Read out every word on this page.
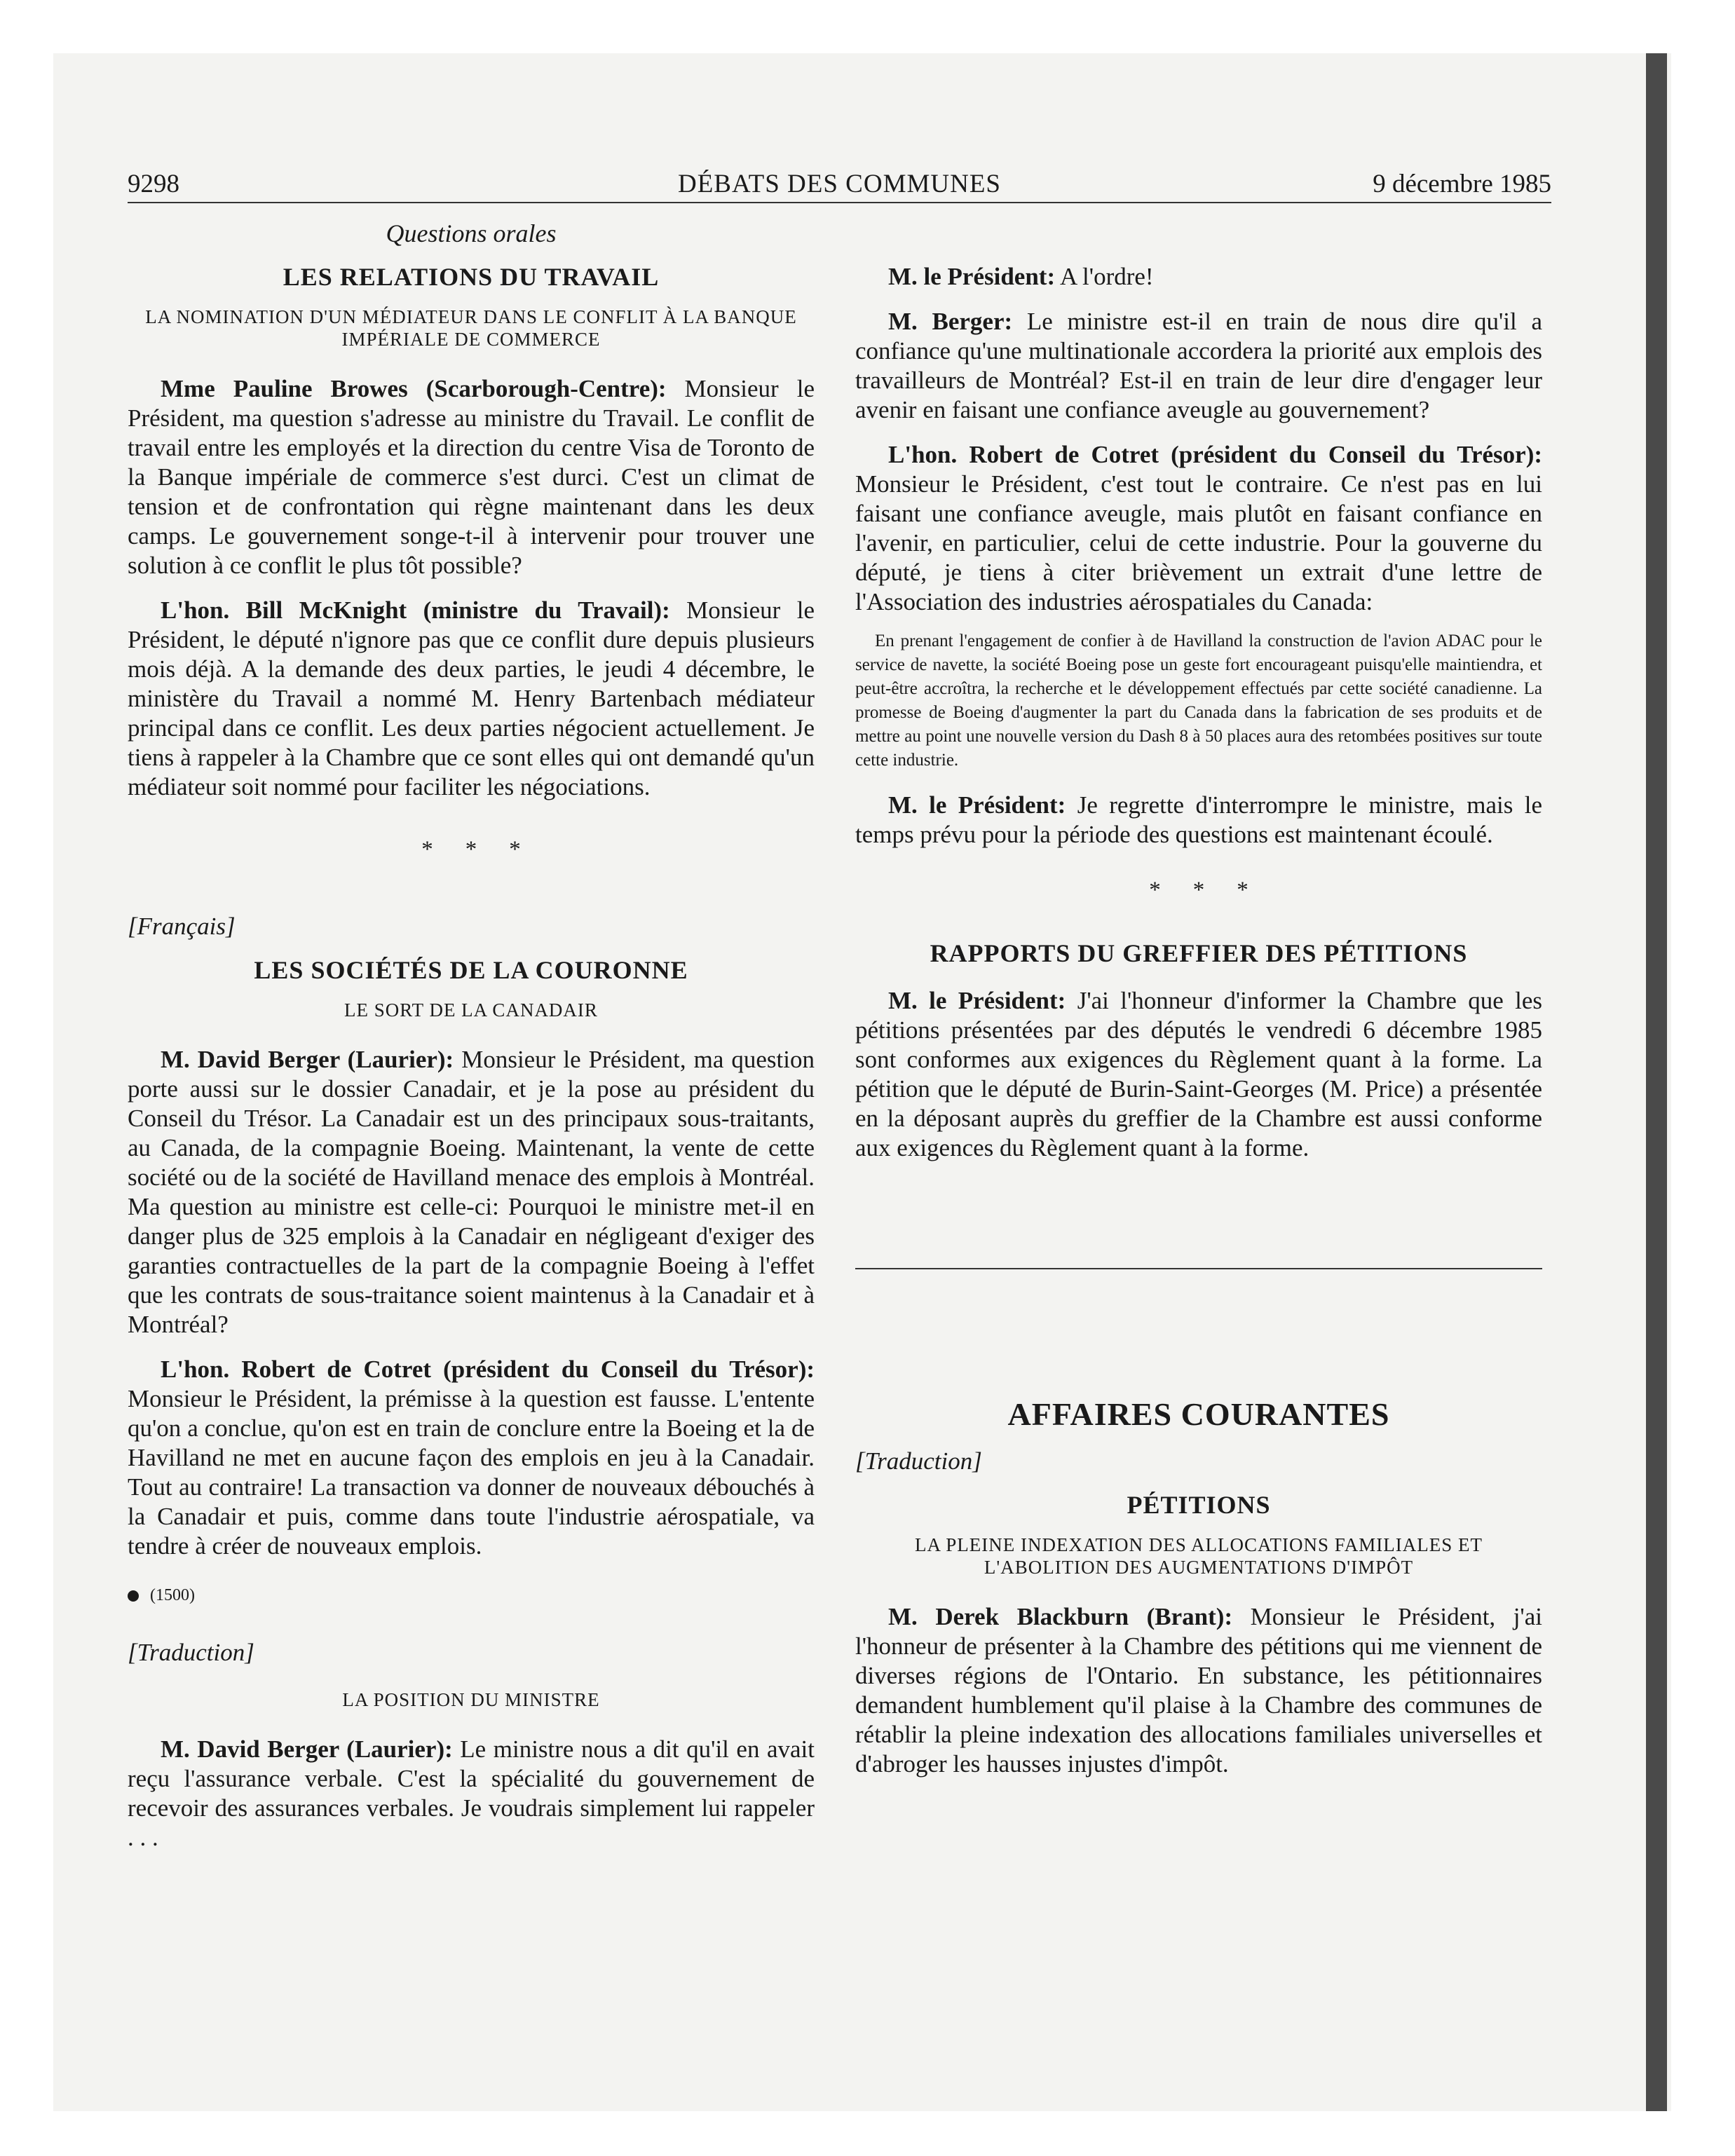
9298	DÉBATS DES COMMUNES	9 décembre 1985

Questions orales

LES RELATIONS DU TRAVAIL
LA NOMINATION D'UN MÉDIATEUR DANS LE CONFLIT À LA BANQUE IMPÉRIALE DE COMMERCE

Mme Pauline Browes (Scarborough-Centre): Monsieur le Président, ma question s'adresse au ministre du Travail. Le conflit de travail entre les employés et la direction du centre Visa de Toronto de la Banque impériale de commerce s'est durci. C'est un climat de tension et de confrontation qui règne maintenant dans les deux camps. Le gouvernement songe-t-il à intervenir pour trouver une solution à ce conflit le plus tôt possible?

L'hon. Bill McKnight (ministre du Travail): Monsieur le Président, le député n'ignore pas que ce conflit dure depuis plusieurs mois déjà. A la demande des deux parties, le jeudi 4 décembre, le ministère du Travail a nommé M. Henry Bartenbach médiateur principal dans ce conflit. Les deux parties négocient actuellement. Je tiens à rappeler à la Chambre que ce sont elles qui ont demandé qu'un médiateur soit nommé pour faciliter les négociations.

***

[Français]

LES SOCIÉTÉS DE LA COURONNE
LE SORT DE LA CANADAIR

M. David Berger (Laurier): Monsieur le Président, ma question porte aussi sur le dossier Canadair, et je la pose au président du Conseil du Trésor. La Canadair est un des principaux sous-traitants, au Canada, de la compagnie Boeing. Maintenant, la vente de cette société ou de la société de Havilland menace des emplois à Montréal. Ma question au ministre est celle-ci: Pourquoi le ministre met-il en danger plus de 325 emplois à la Canadair en négligeant d'exiger des garanties contractuelles de la part de la compagnie Boeing à l'effet que les contrats de sous-traitance soient maintenus à la Canadair et à Montréal?

L'hon. Robert de Cotret (président du Conseil du Trésor): Monsieur le Président, la prémisse à la question est fausse. L'entente qu'on a conclue, qu'on est en train de conclure entre la Boeing et la de Havilland ne met en aucune façon des emplois en jeu à la Canadair. Tout au contraire! La transaction va donner de nouveaux débouchés à la Canadair et puis, comme dans toute l'industrie aérospatiale, va tendre à créer de nouveaux emplois.

(1500)

[Traduction]

LA POSITION DU MINISTRE

M. David Berger (Laurier): Le ministre nous a dit qu'il en avait reçu l'assurance verbale. C'est la spécialité du gouvernement de recevoir des assurances verbales. Je voudrais simplement lui rappeler . . .

M. le Président: A l'ordre!

M. Berger: Le ministre est-il en train de nous dire qu'il a confiance qu'une multinationale accordera la priorité aux emplois des travailleurs de Montréal? Est-il en train de leur dire d'engager leur avenir en faisant une confiance aveugle au gouvernement?

L'hon. Robert de Cotret (président du Conseil du Trésor): Monsieur le Président, c'est tout le contraire. Ce n'est pas en lui faisant une confiance aveugle, mais plutôt en faisant confiance en l'avenir, en particulier, celui de cette industrie. Pour la gouverne du député, je tiens à citer brièvement un extrait d'une lettre de l'Association des industries aérospatiales du Canada:

En prenant l'engagement de confier à de Havilland la construction de l'avion ADAC pour le service de navette, la société Boeing pose un geste fort encourageant puisqu'elle maintiendra, et peut-être accroîtra, la recherche et le développement effectués par cette société canadienne. La promesse de Boeing d'augmenter la part du Canada dans la fabrication de ses produits et de mettre au point une nouvelle version du Dash 8 à 50 places aura des retombées positives sur toute cette industrie.

M. le Président: Je regrette d'interrompre le ministre, mais le temps prévu pour la période des questions est maintenant écoulé.

***
RAPPORTS DU GREFFIER DES PÉTITIONS

M. le Président: J'ai l'honneur d'informer la Chambre que les pétitions présentées par des députés le vendredi 6 décembre 1985 sont conformes aux exigences du Règlement quant à la forme. La pétition que le député de Burin-Saint-Georges (M. Price) a présentée en la déposant auprès du greffier de la Chambre est aussi conforme aux exigences du Règlement quant à la forme.

AFFAIRES COURANTES

[Traduction]

PÉTITIONS
LA PLEINE INDEXATION DES ALLOCATIONS FAMILIALES ET L'ABOLITION DES AUGMENTATIONS D'IMPÔT

M. Derek Blackburn (Brant): Monsieur le Président, j'ai l'honneur de présenter à la Chambre des pétitions qui me viennent de diverses régions de l'Ontario. En substance, les pétitionnaires demandent humblement qu'il plaise à la Chambre des communes de rétablir la pleine indexation des allocations familiales universelles et d'abroger les hausses injustes d'impôt.
